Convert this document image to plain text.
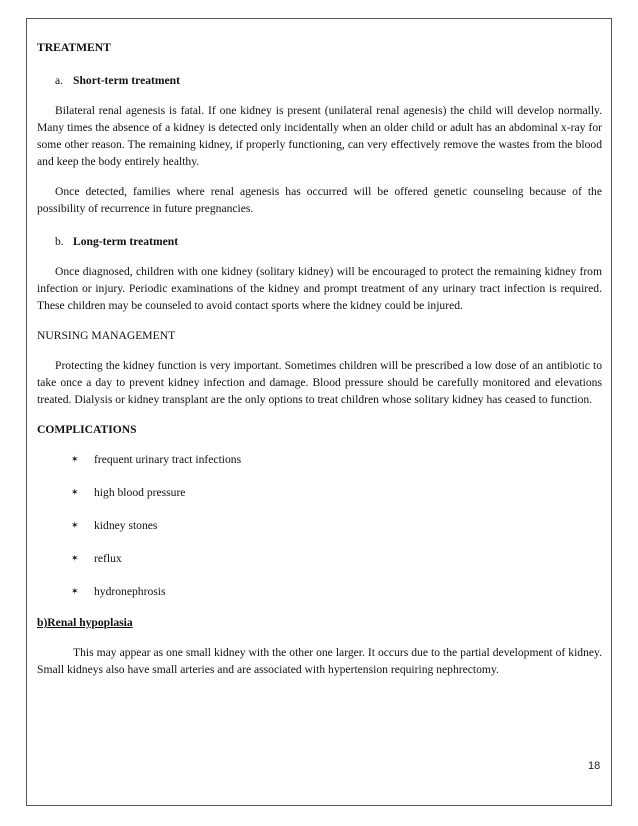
TREATMENT

a. Short-term treatment

Bilateral renal agenesis is fatal. If one kidney is present (unilateral renal agenesis) the child will develop normally. Many times the absence of a kidney is detected only incidentally when an older child or adult has an abdominal x-ray for some other reason. The remaining kidney, if properly functioning, can very effectively remove the wastes from the blood and keep the body entirely healthy.

Once detected, families where renal agenesis has occurred will be offered genetic counseling because of the possibility of recurrence in future pregnancies.

b. Long-term treatment

Once diagnosed, children with one kidney (solitary kidney) will be encouraged to protect the remaining kidney from infection or injury. Periodic examinations of the kidney and prompt treatment of any urinary tract infection is required. These children may be counseled to avoid contact sports where the kidney could be injured.

NURSING MANAGEMENT

Protecting the kidney function is very important. Sometimes children will be prescribed a low dose of an antibiotic to take once a day to prevent kidney infection and damage. Blood pressure should be carefully monitored and elevations treated. Dialysis or kidney transplant are the only options to treat children whose solitary kidney has ceased to function.

COMPLICATIONS

✶ frequent urinary tract infections
✶ high blood pressure
✶ kidney stones
✶ reflux
✶ hydronephrosis

b)Renal hypoplasia

This may appear as one small kidney with the other one larger. It occurs due to the partial development of kidney. Small kidneys also have small arteries and are associated with hypertension requiring nephrectomy.

18
